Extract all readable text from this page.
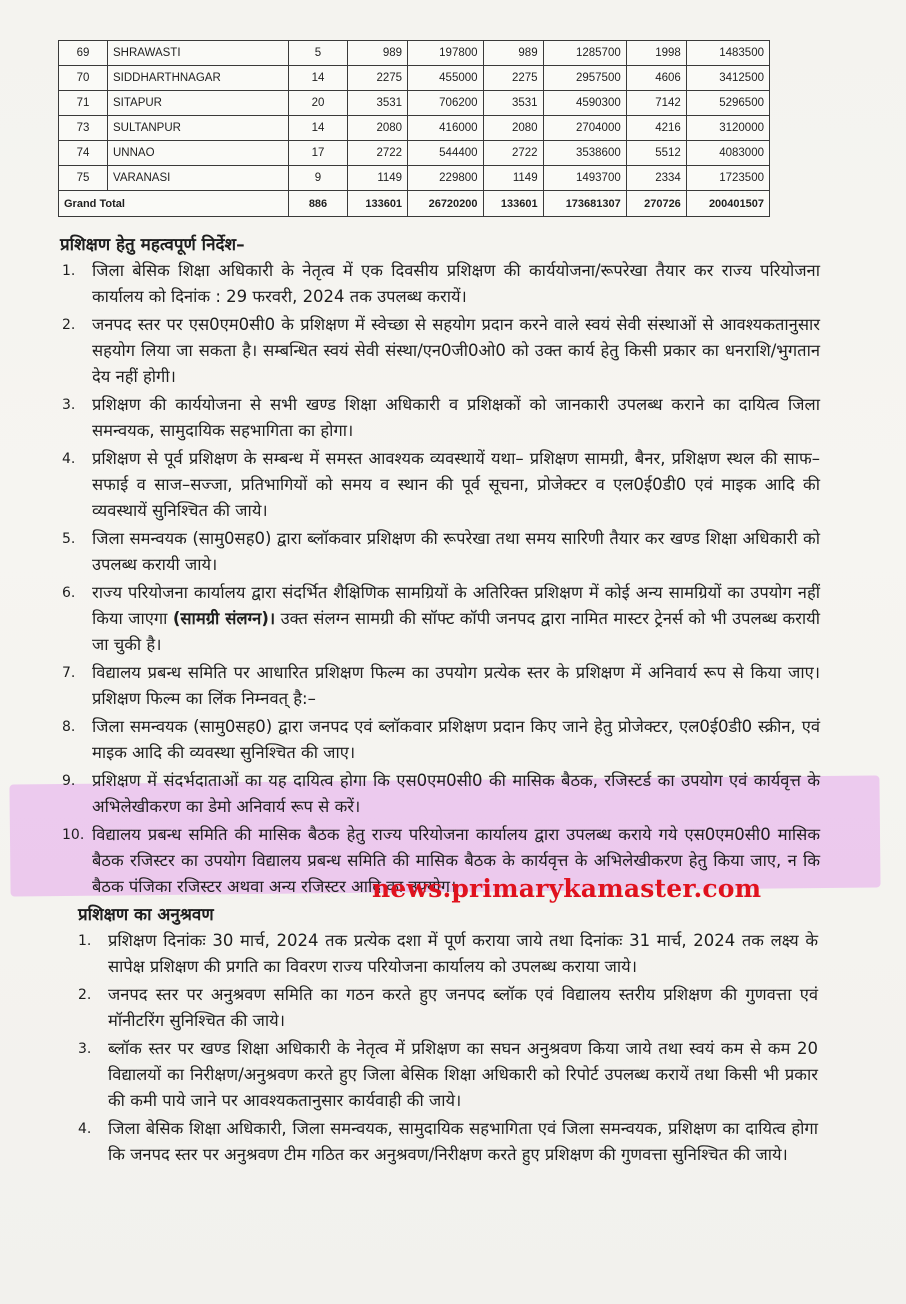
69	SHRAWASTI	5	989	197800	989	1285700	1998	1483500
70	SIDDHARTHNAGAR	14	2275	455000	2275	2957500	4606	3412500
71	SITAPUR	20	3531	706200	3531	4590300	7142	5296500
73	SULTANPUR	14	2080	416000	2080	2704000	4216	3120000
74	UNNAO	17	2722	544400	2722	3538600	5512	4083000
75	VARANASI	9	1149	229800	1149	1493700	2334	1723500
Grand Total		886	133601	26720200	133601	173681307	270726	200401507
प्रशिक्षण हेतु महत्वपूर्ण निर्देश–
1. जिला बेसिक शिक्षा अधिकारी के नेतृत्व में एक दिवसीय प्रशिक्षण की कार्ययोजना/रूपरेखा तैयार कर राज्य परियोजना कार्यालय को दिनांक : 29 फरवरी, 2024 तक उपलब्ध करायें।
2. जनपद स्तर पर एस0एम0सी0 के प्रशिक्षण में स्वेच्छा से सहयोग प्रदान करने वाले स्वयं सेवी संस्थाओं से आवश्यकतानुसार सहयोग लिया जा सकता है। सम्बन्धित स्वयं सेवी संस्था/एन0जी0ओ0 को उक्त कार्य हेतु किसी प्रकार का धनराशि/भुगतान देय नहीं होगी।
3. प्रशिक्षण की कार्ययोजना से सभी खण्ड शिक्षा अधिकारी व प्रशिक्षकों को जानकारी उपलब्ध कराने का दायित्व जिला समन्वयक, सामुदायिक सहभागिता का होगा।
4. प्रशिक्षण से पूर्व प्रशिक्षण के सम्बन्ध में समस्त आवश्यक व्यवस्थायें यथा– प्रशिक्षण सामग्री, बैनर, प्रशिक्षण स्थल की साफ–सफाई व साज–सज्जा, प्रतिभागियों को समय व स्थान की पूर्व सूचना, प्रोजेक्टर व एल0ई0डी0 एवं माइक आदि की व्यवस्थायें सुनिश्चित की जाये।
5. जिला समन्वयक (सामु0सह0) द्वारा ब्लॉकवार प्रशिक्षण की रूपरेखा तथा समय सारिणी तैयार कर खण्ड शिक्षा अधिकारी को उपलब्ध करायी जाये।
6. राज्य परियोजना कार्यालय द्वारा संदर्भित शैक्षिणिक सामग्रियों के अतिरिक्त प्रशिक्षण में कोई अन्य सामग्रियों का उपयोग नहीं किया जाएगा (सामग्री संलग्न)। उक्त संलग्न सामग्री की सॉफ्ट कॉपी जनपद द्वारा नामित मास्टर ट्रेनर्स को भी उपलब्ध करायी जा चुकी है।
7. विद्यालय प्रबन्ध समिति पर आधारित प्रशिक्षण फिल्म का उपयोग प्रत्येक स्तर के प्रशिक्षण में अनिवार्य रूप से किया जाए। प्रशिक्षण फिल्म का लिंक निम्नवत् है:–
8. जिला समन्वयक (सामु0सह0) द्वारा जनपद एवं ब्लॉकवार प्रशिक्षण प्रदान किए जाने हेतु प्रोजेक्टर, एल0ई0डी0 स्क्रीन, एवं माइक आदि की व्यवस्था सुनिश्चित की जाए।
9. प्रशिक्षण में संदर्भदाताओं का यह दायित्व होगा कि एस0एम0सी0 की मासिक बैठक, रजिस्टर्ड का उपयोग एवं कार्यवृत्त के अभिलेखीकरण का डेमो अनिवार्य रूप से करें।
10. विद्यालय प्रबन्ध समिति की मासिक बैठक हेतु राज्य परियोजना कार्यालय द्वारा उपलब्ध कराये गये एस0एम0सी0 मासिक बैठक रजिस्टर का उपयोग विद्यालय प्रबन्ध समिति की मासिक बैठक के कार्यवृत्त के अभिलेखीकरण हेतु किया जाए, न कि बैठक पंजिका रजिस्टर अथवा अन्य रजिस्टर आदि का उपयोग।
news.primarykamaster.com
प्रशिक्षण का अनुश्रवण
1. प्रशिक्षण दिनांकः 30 मार्च, 2024 तक प्रत्येक दशा में पूर्ण कराया जाये तथा दिनांकः 31 मार्च, 2024 तक लक्ष्य के सापेक्ष प्रशिक्षण की प्रगति का विवरण राज्य परियोजना कार्यालय को उपलब्ध कराया जाये।
2. जनपद स्तर पर अनुश्रवण समिति का गठन करते हुए जनपद ब्लॉक एवं विद्यालय स्तरीय प्रशिक्षण की गुणवत्ता एवं मॉनीटरिंग सुनिश्चित की जाये।
3. ब्लॉक स्तर पर खण्ड शिक्षा अधिकारी के नेतृत्व में प्रशिक्षण का सघन अनुश्रवण किया जाये तथा स्वयं कम से कम 20 विद्यालयों का निरीक्षण/अनुश्रवण करते हुए जिला बेसिक शिक्षा अधिकारी को रिपोर्ट उपलब्ध करायें तथा किसी भी प्रकार की कमी पाये जाने पर आवश्यकतानुसार कार्यवाही की जाये।
4. जिला बेसिक शिक्षा अधिकारी, जिला समन्वयक, सामुदायिक सहभागिता एवं जिला समन्वयक, प्रशिक्षण का दायित्व होगा कि जनपद स्तर पर अनुश्रवण टीम गठित कर अनुश्रवण/निरीक्षण करते हुए प्रशिक्षण की गुणवत्ता सुनिश्चित की जाये।
